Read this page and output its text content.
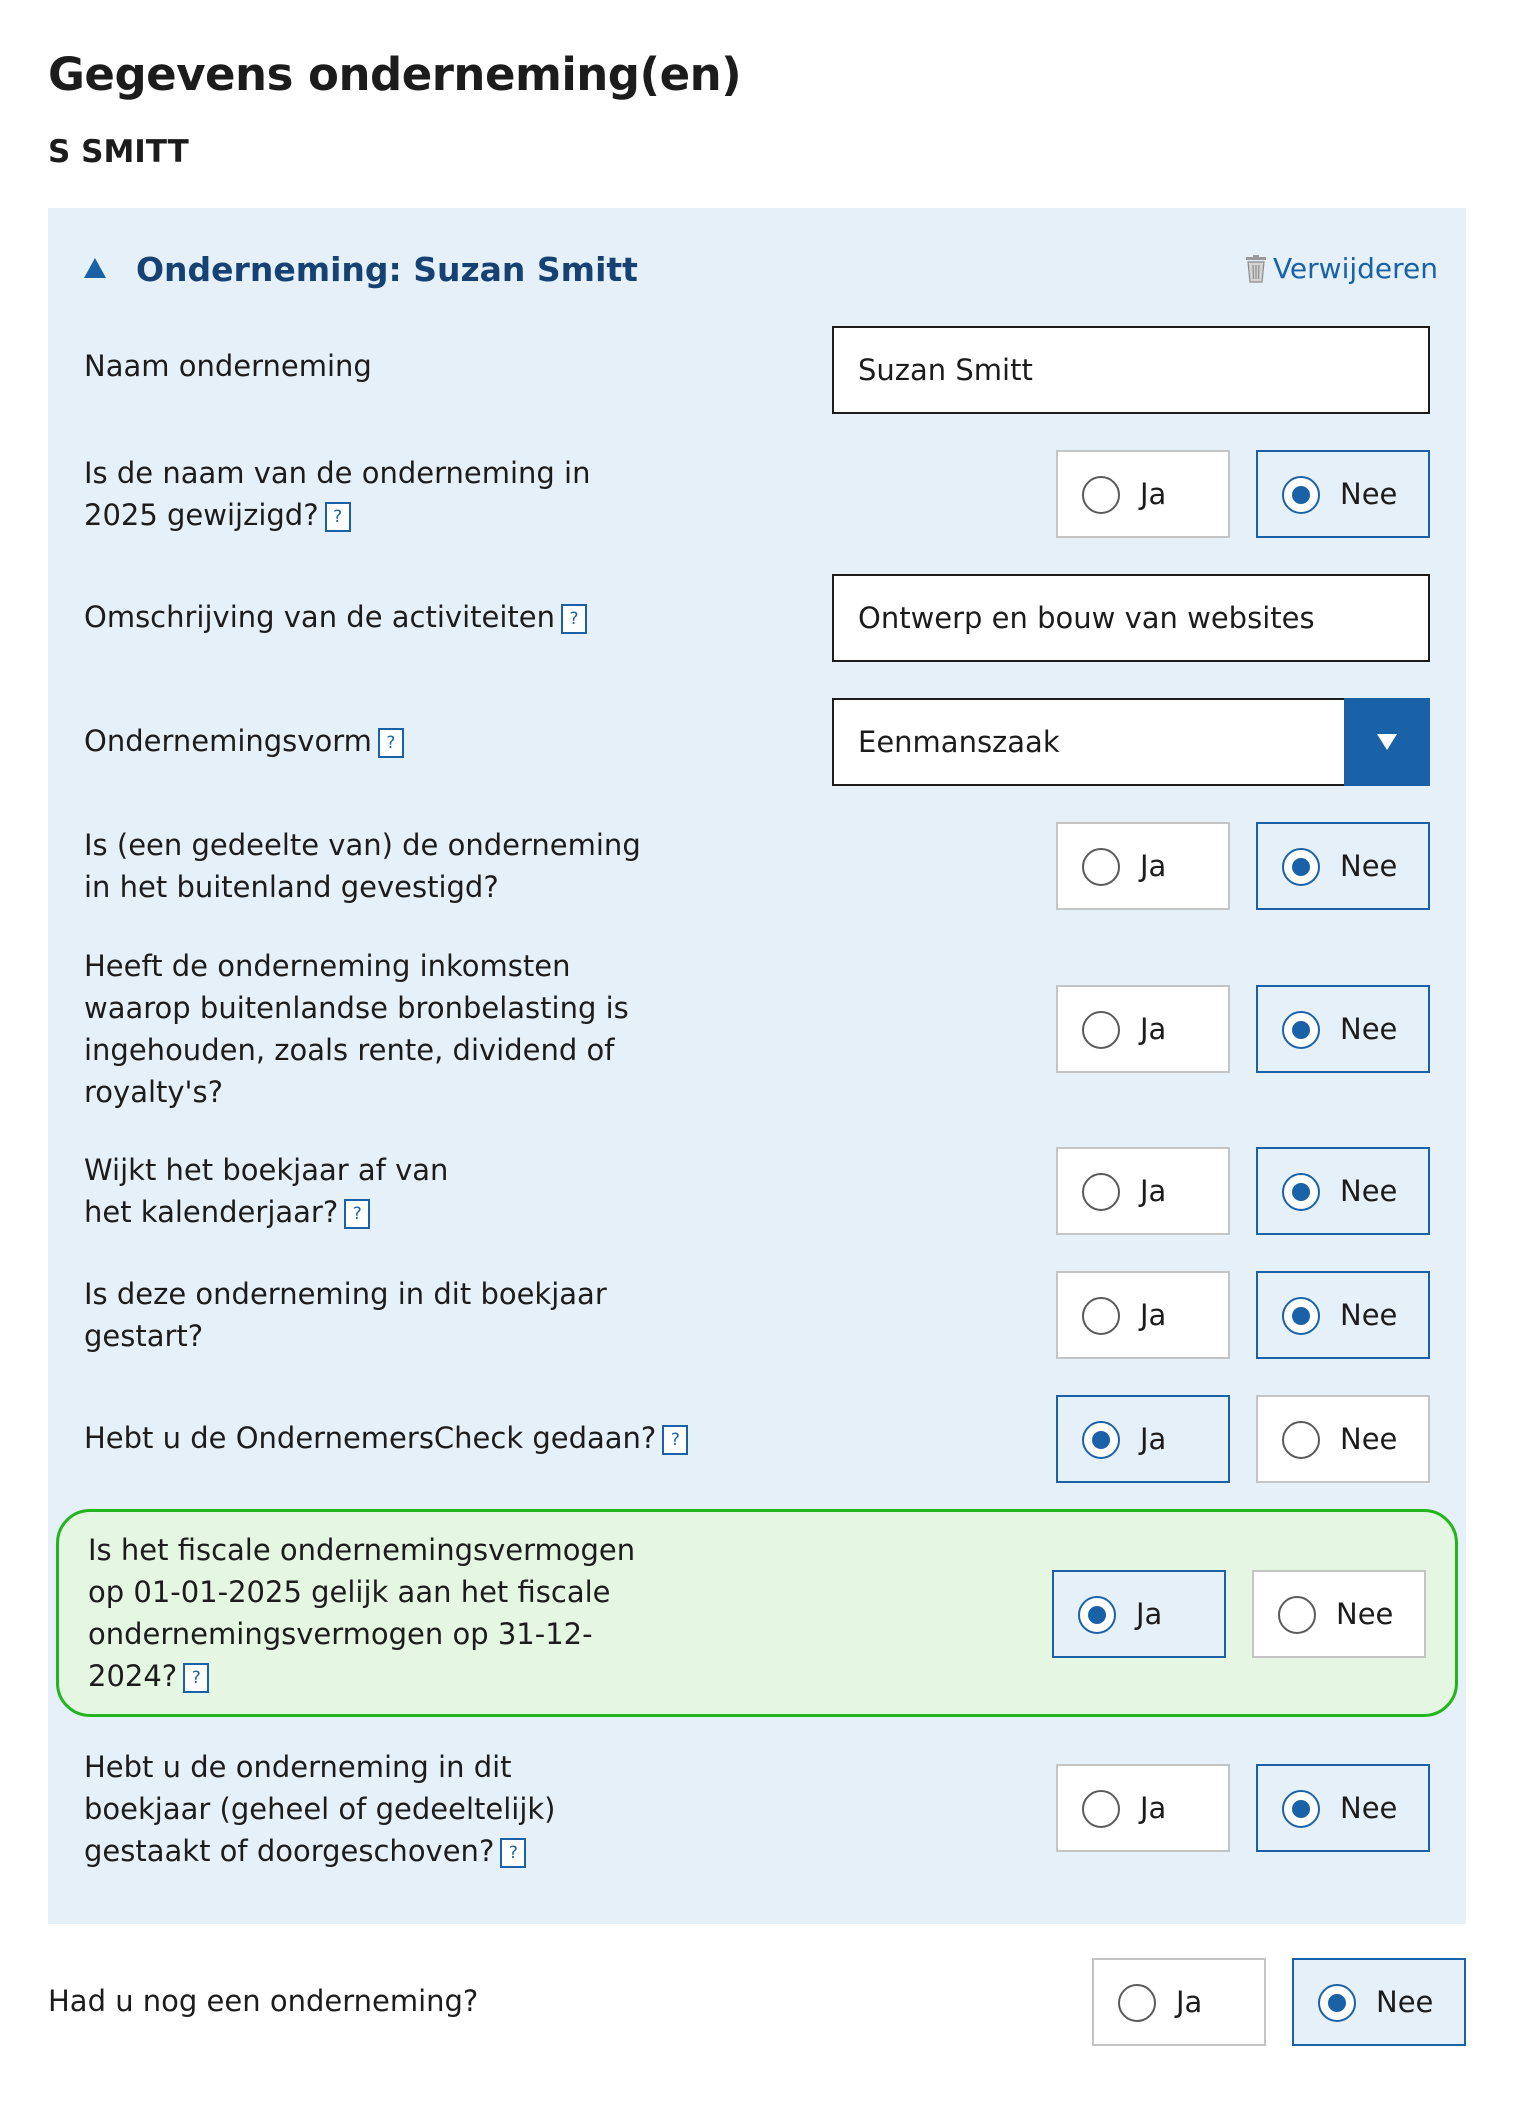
Gegevens onderneming(en)
S SMITT
Onderneming: Suzan Smitt	Verwijderen
Naam onderneming	Suzan Smitt
Is de naam van de onderneming in 2025 gewijzigd? ?
Ja	Nee
Omschrijving van de activiteiten ?	Ontwerp en bouw van websites
Ondernemingsvorm ?	Eenmanszaak
Is (een gedeelte van) de onderneming in het buitenland gevestigd?
Ja	Nee
Heeft de onderneming inkomsten waarop buitenlandse bronbelasting is ingehouden, zoals rente, dividend of royalty's?
Ja	Nee
Wijkt het boekjaar af van het kalenderjaar? ?
Ja	Nee
Is deze onderneming in dit boekjaar gestart?
Ja	Nee
Hebt u de OndernemersCheck gedaan? ?	Ja	Nee
Is het fiscale ondernemingsvermogen op 01-01-2025 gelijk aan het fiscale ondernemingsvermogen op 31-12-2024? ?
Ja	Nee
Hebt u de onderneming in dit boekjaar (geheel of gedeeltelijk) gestaakt of doorgeschoven? ?
Ja	Nee
Had u nog een onderneming?	Ja	Nee
